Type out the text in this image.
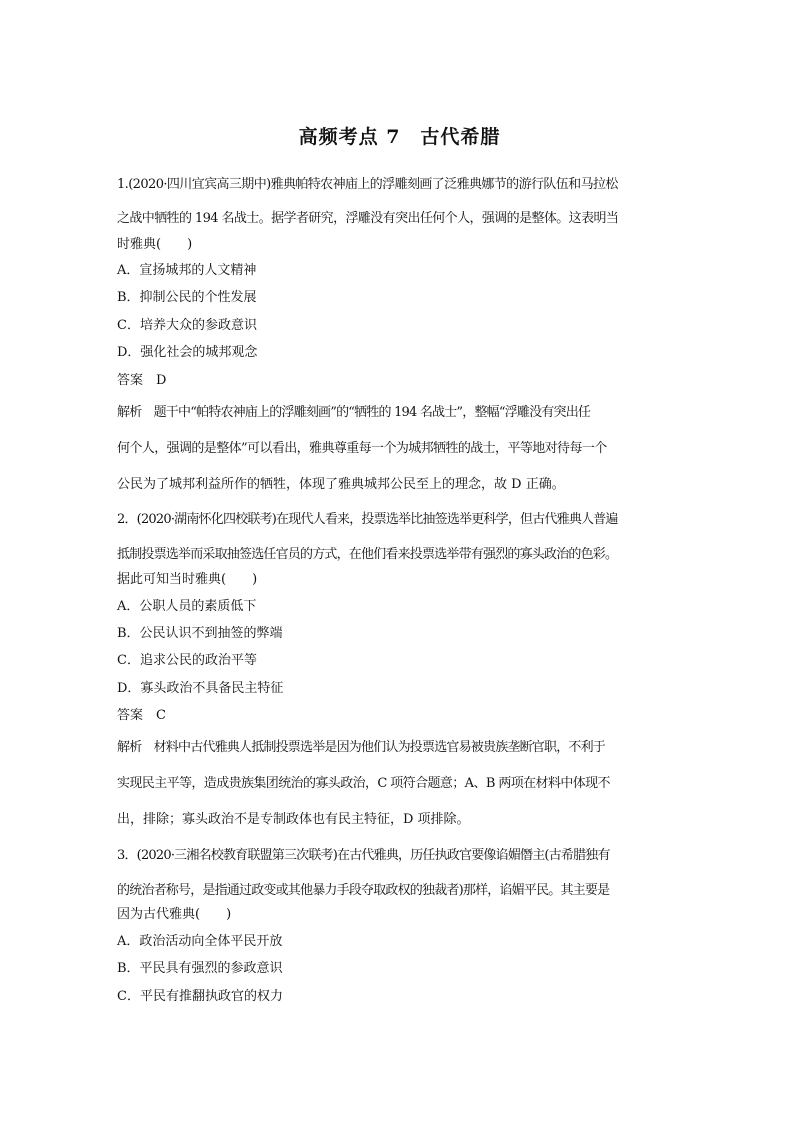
高频考点 7　古代希腊
1.(2020·四川宜宾高三期中)雅典帕特农神庙上的浮雕刻画了泛雅典娜节的游行队伍和马拉松
之战中牺牲的 194 名战士。据学者研究，浮雕没有突出任何个人，强调的是整体。这表明当
时雅典(　　)
A．宣扬城邦的人文精神
B．抑制公民的个性发展
C．培养大众的参政意识
D．强化社会的城邦观念
答案　D
解析　题干中“帕特农神庙上的浮雕刻画”的“牺牲的 194 名战士”，整幅“浮雕没有突出任
何个人，强调的是整体”可以看出，雅典尊重每一个为城邦牺牲的战士，平等地对待每一个
公民为了城邦利益所作的牺牲，体现了雅典城邦公民至上的理念，故 D 正确。
2．(2020·湖南怀化四校联考)在现代人看来，投票选举比抽签选举更科学，但古代雅典人普遍
抵制投票选举而采取抽签选任官员的方式，在他们看来投票选举带有强烈的寡头政治的色彩。
据此可知当时雅典(　　)
A．公职人员的素质低下
B．公民认识不到抽签的弊端
C．追求公民的政治平等
D．寡头政治不具备民主特征
答案　C
解析　材料中古代雅典人抵制投票选举是因为他们认为投票选官易被贵族垄断官职，不利于
实现民主平等，造成贵族集团统治的寡头政治，C 项符合题意；A、B 两项在材料中体现不
出，排除；寡头政治不是专制政体也有民主特征，D 项排除。
3．(2020·三湘名校教育联盟第三次联考)在古代雅典，历任执政官要像谄媚僭主(古希腊独有
的统治者称号，是指通过政变或其他暴力手段夺取政权的独裁者)那样，谄媚平民。其主要是
因为古代雅典(　　)
A．政治活动向全体平民开放
B．平民具有强烈的参政意识
C．平民有推翻执政官的权力
